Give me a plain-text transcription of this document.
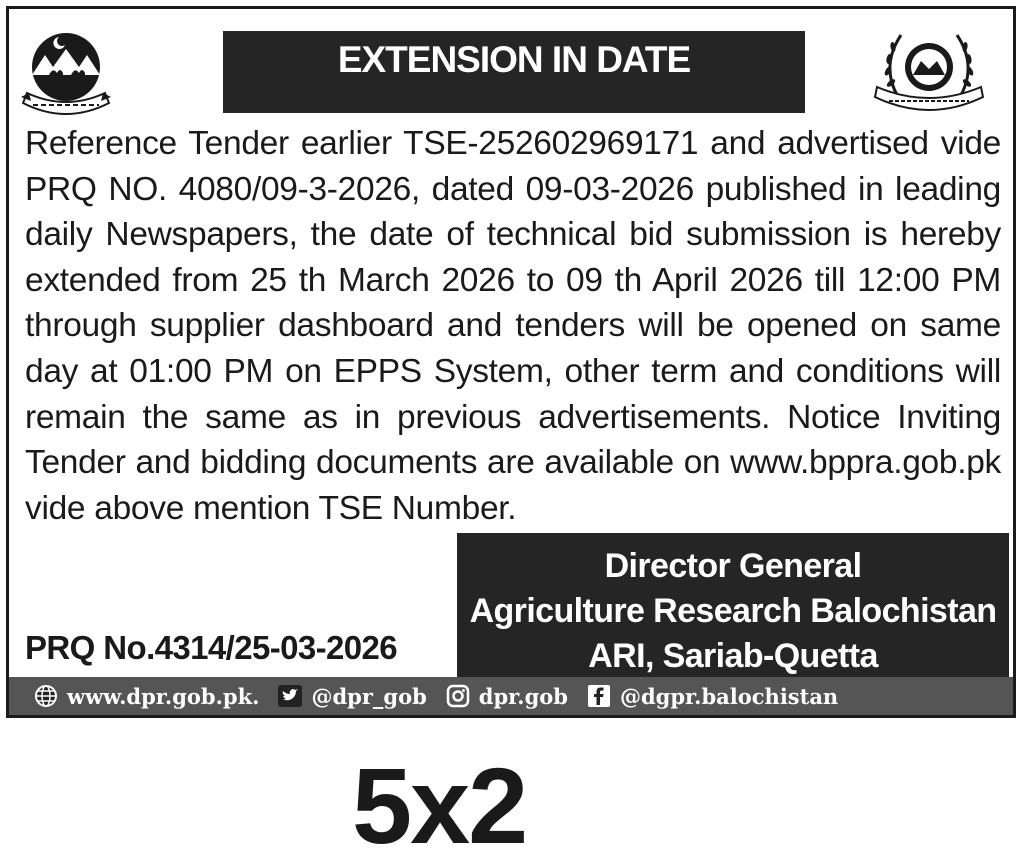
EXTENSION IN DATE
Reference Tender earlier TSE-252602969171 and advertised vide PRQ NO. 4080/09-3-2026, dated 09-03-2026 published in leading daily Newspapers, the date of technical bid submission is hereby extended from 25 th March 2026 to 09 th April 2026 till 12:00 PM through supplier dashboard and tenders will be opened on same day at 01:00 PM on EPPS System, other term and conditions will remain the same as in previous advertisements. Notice Inviting Tender and bidding documents are available on www.bppra.gob.pk vide above mention TSE Number.
Director General
Agriculture Research Balochistan
ARI, Sariab-Quetta
PRQ No.4314/25-03-2026
www.dpr.gob.pk. @dpr_gob dpr.gob @dgpr.balochistan
5x2
